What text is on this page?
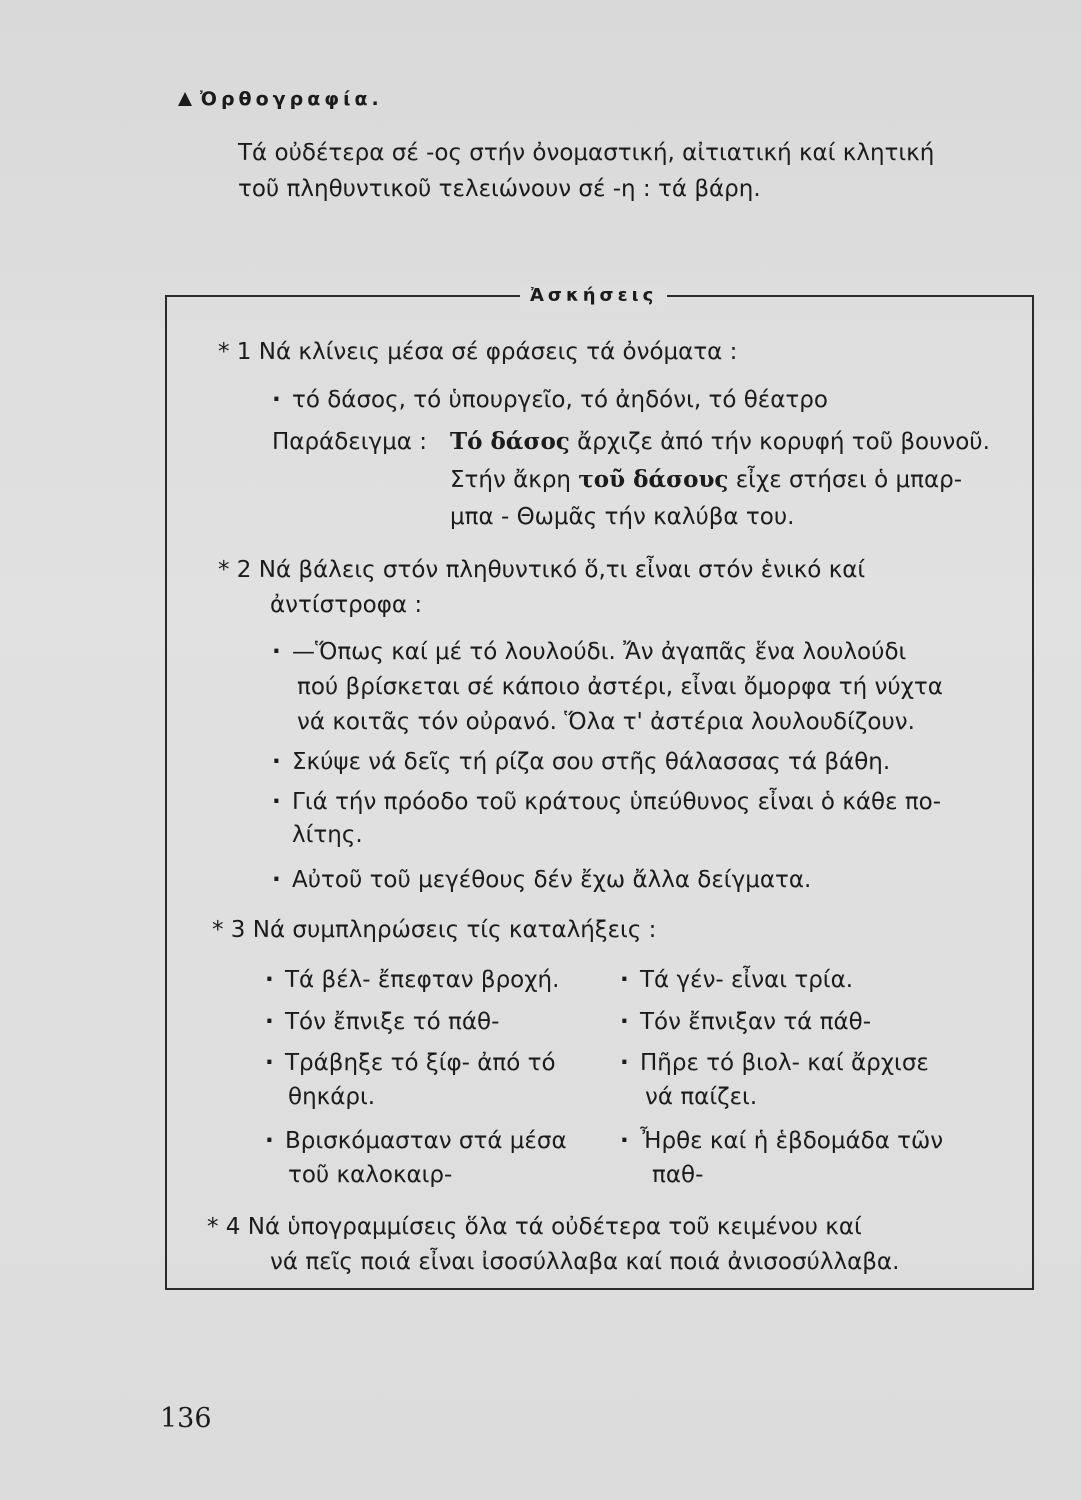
Ὀρθογραφία.
Τά οὐδέτερα σέ -ος στήν ὀνομαστική, αἰτιατική καί κλητική
τοῦ πληθυντικοῦ τελειώνουν σέ -η : τά βάρη.
Ἀσκήσεις
* 1 Νά κλίνεις μέσα σέ φράσεις τά ὀνόματα :
· τό δάσος, τό ὑπουργεῖο, τό ἀηδόνι, τό θέατρο
Παράδειγμα : Τό δάσος ἄρχιζε ἀπό τήν κορυφή τοῦ βουνοῦ.
Στήν ἄκρη τοῦ δάσους εἶχε στήσει ὁ μπαρ-
μπα - Θωμᾶς τήν καλύβα του.
* 2 Νά βάλεις στόν πληθυντικό ὅ,τι εἶναι στόν ἑνικό καί
ἀντίστροφα :
· —Ὅπως καί μέ τό λουλούδι. Ἄν ἀγαπᾶς ἕνα λουλούδι
πού βρίσκεται σέ κάποιο ἀστέρι, εἶναι ὄμορφα τή νύχτα
νά κοιτᾶς τόν οὐρανό. Ὅλα τ' ἀστέρια λουλουδίζουν.
· Σκύψε νά δεῖς τή ρίζα σου στῆς θάλασσας τά βάθη.
· Γιά τήν πρόοδο τοῦ κράτους ὑπεύθυνος εἶναι ὁ κάθε πο-
λίτης.
· Αὐτοῦ τοῦ μεγέθους δέν ἔχω ἄλλα δείγματα.
* 3 Νά συμπληρώσεις τίς καταλήξεις :
· Τά βέλ- ἔπεφταν βροχή.
· Τόν ἔπνιξε τό πάθ-
· Τράβηξε τό ξίφ- ἀπό τό
θηκάρι.
· Βρισκόμασταν στά μέσα
τοῦ καλοκαιρ-
· Τά γέν- εἶναι τρία.
· Τόν ἔπνιξαν τά πάθ-
· Πῆρε τό βιολ- καί ἄρχισε
νά παίζει.
· Ἦρθε καί ἡ ἑβδομάδα τῶν
παθ-
* 4 Νά ὑπογραμμίσεις ὅλα τά οὐδέτερα τοῦ κειμένου καί
νά πεῖς ποιά εἶναι ἰσοσύλλαβα καί ποιά ἀνισοσύλλαβα.
136
